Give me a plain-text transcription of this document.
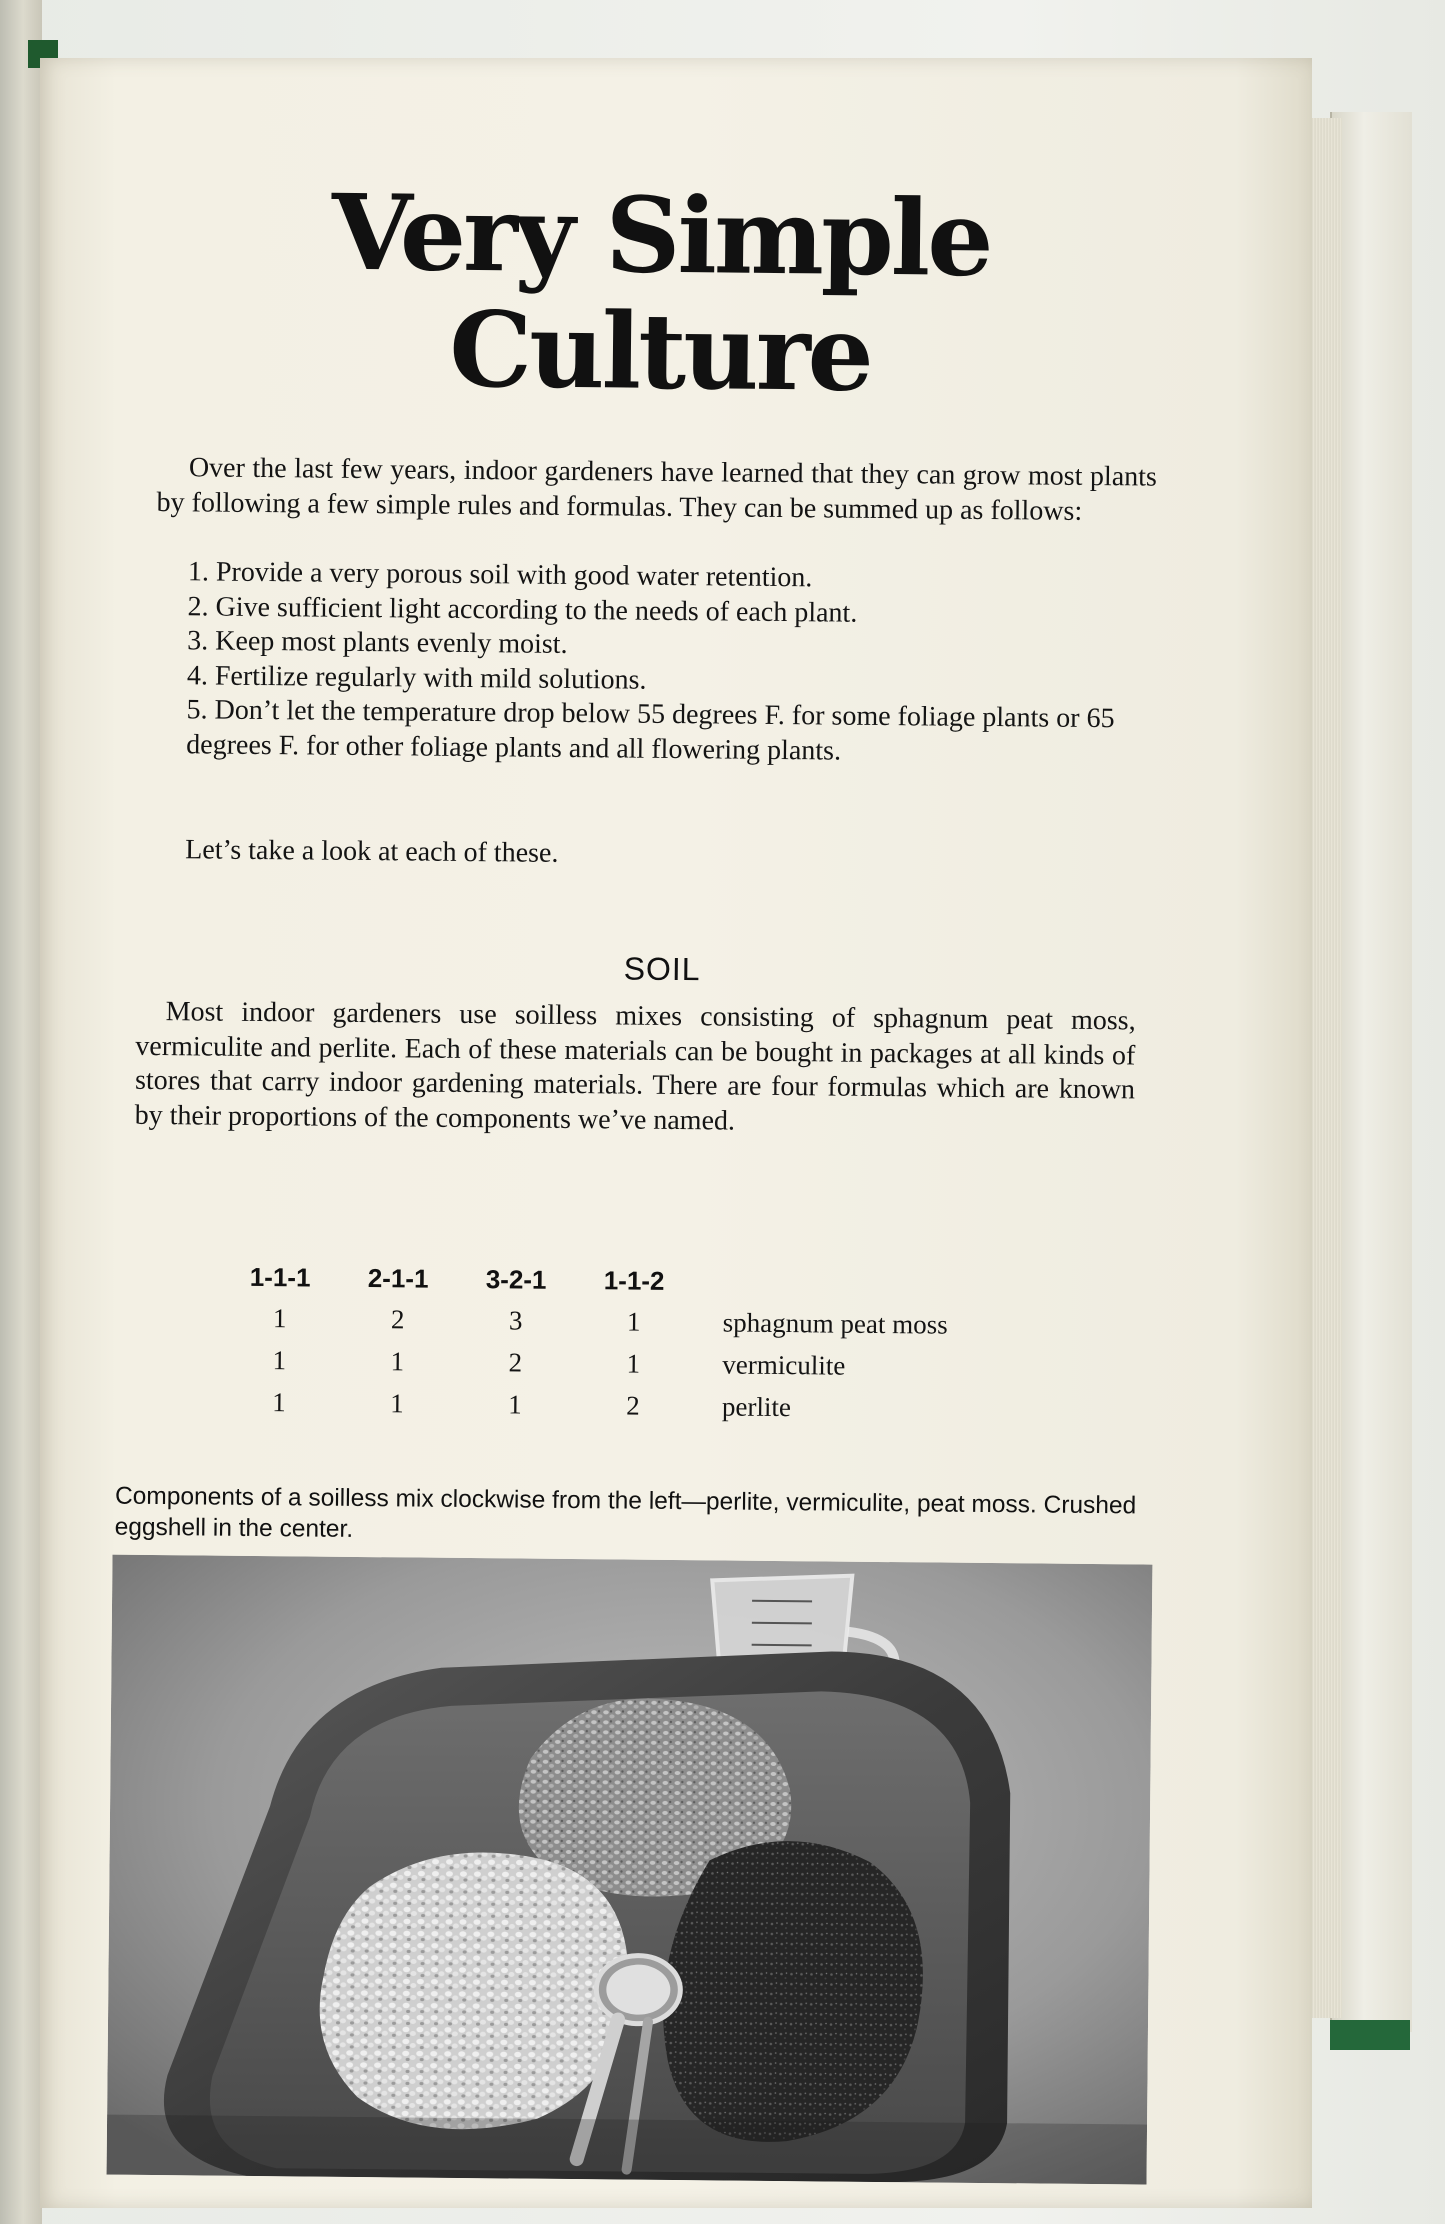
Very Simple
Culture

Over the last few years, indoor gardeners have learned that they can grow most plants by following a few simple rules and formulas. They can be summed up as follows:

1. Provide a very porous soil with good water retention.
2. Give sufficient light according to the needs of each plant.
3. Keep most plants evenly moist.
4. Fertilize regularly with mild solutions.
5. Don’t let the temperature drop below 55 degrees F. for some foliage plants or 65 degrees F. for other foliage plants and all flowering plants.

Let’s take a look at each of these.

SOIL

Most indoor gardeners use soilless mixes consisting of sphagnum peat moss, vermiculite and perlite. Each of these materials can be bought in packages at all kinds of stores that carry indoor gardening materials. There are four formulas which are known by their proportions of the components we’ve named.

1-1-1	2-1-1	3-2-1	1-1-2	
1	2	3	1	sphagnum peat moss
1	1	2	1	vermiculite
1	1	1	2	perlite

Components of a soilless mix clockwise from the left—perlite, vermiculite, peat moss. Crushed eggshell in the center.
